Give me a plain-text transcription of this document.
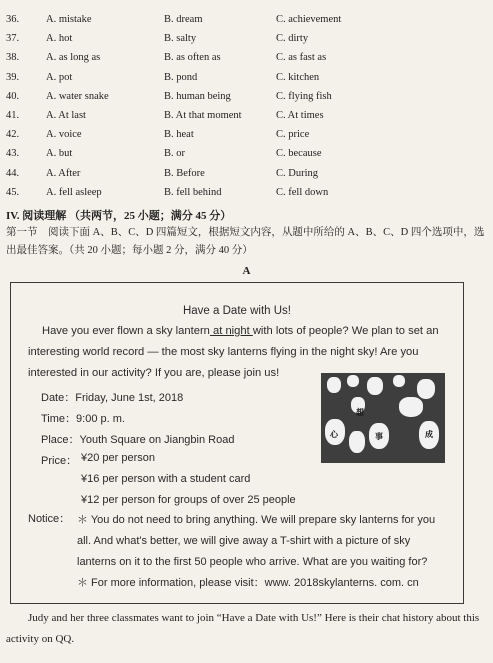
36.	A. mistake	B. dream	C. achievement
37.	A. hot	B. salty	C. dirty
38.	A. as long as	B. as often as	C. as fast as
39.	A. pot	B. pond	C. kitchen
40.	A. water snake	B. human being	C. flying fish
41.	A. At last	B. At that moment	C. At times
42.	A. voice	B. heat	C. price
43.	A. but	B. or	C. because
44.	A. After	B. Before	C. During
45.	A. fell asleep	B. fell behind	C. fell down
IV. 阅读理解 （共两节，25 小题；满分 45 分）
第一节　阅读下面 A、B、C、D 四篇短文，根据短文内容，从题中所给的 A、B、C、D 四个选项中，选出最佳答案。（共 20 小题；每小题 2 分，满分 40 分）
A
Have a Date with Us!
Have you ever flown a sky lantern at night with lots of people? We plan to set an interesting world record — the most sky lanterns flying in the night sky! Are you interested in our activity? If you are, please join us!
Date：Friday, June 1st, 2018
Time：9:00 p. m.
Place：Youth Square on Jiangbin Road
Price： ¥20 per person
¥16 per person with a student card
¥12 per person for groups of over 25 people
Notice： ＊ You do not need to bring anything. We will prepare sky lanterns for you all. And what's better, we will give away a T-shirt with a picture of sky lanterns on it to the first 50 people who arrive. What are you waiting for?
＊ For more information, please visit：www. 2018skylanterns. com. cn
心
想
事	成
Judy and her three classmates want to join “Have a Date with Us!” Here is their chat history about this activity on QQ.
